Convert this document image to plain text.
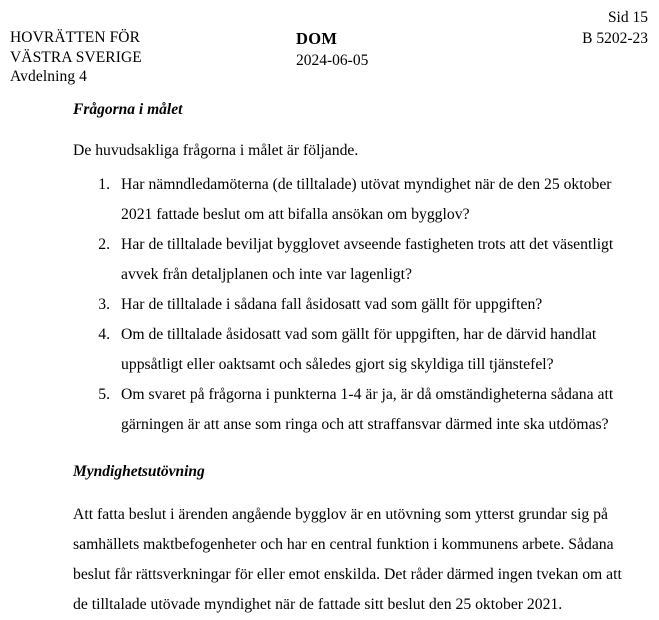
HOVRÄTTEN FÖR
VÄSTRA SVERIGE
Avdelning 4
DOM
2024-06-05
Sid 15
B 5202-23

Frågorna i målet

De huvudsakliga frågorna i målet är följande.

1. Har nämndledamöterna (de tilltalade) utövat myndighet när de den 25 oktober 2021 fattade beslut om att bifalla ansökan om bygglov?
2. Har de tilltalade beviljat bygglovet avseende fastigheten trots att det väsentligt avvek från detaljplanen och inte var lagenligt?
3. Har de tilltalade i sådana fall åsidosatt vad som gällt för uppgiften?
4. Om de tilltalade åsidosatt vad som gällt för uppgiften, har de därvid handlat uppsåtligt eller oaktsamt och således gjort sig skyldiga till tjänstefel?
5. Om svaret på frågorna i punkterna 1-4 är ja, är då omständigheterna sådana att gärningen är att anse som ringa och att straffansvar därmed inte ska utdömas?

Myndighetsutövning

Att fatta beslut i ärenden angående bygglov är en utövning som ytterst grundar sig på samhällets maktbefogenheter och har en central funktion i kommunens arbete. Sådana beslut får rättsverkningar för eller emot enskilda. Det råder därmed ingen tvekan om att de tilltalade utövade myndighet när de fattade sitt beslut den 25 oktober 2021.
